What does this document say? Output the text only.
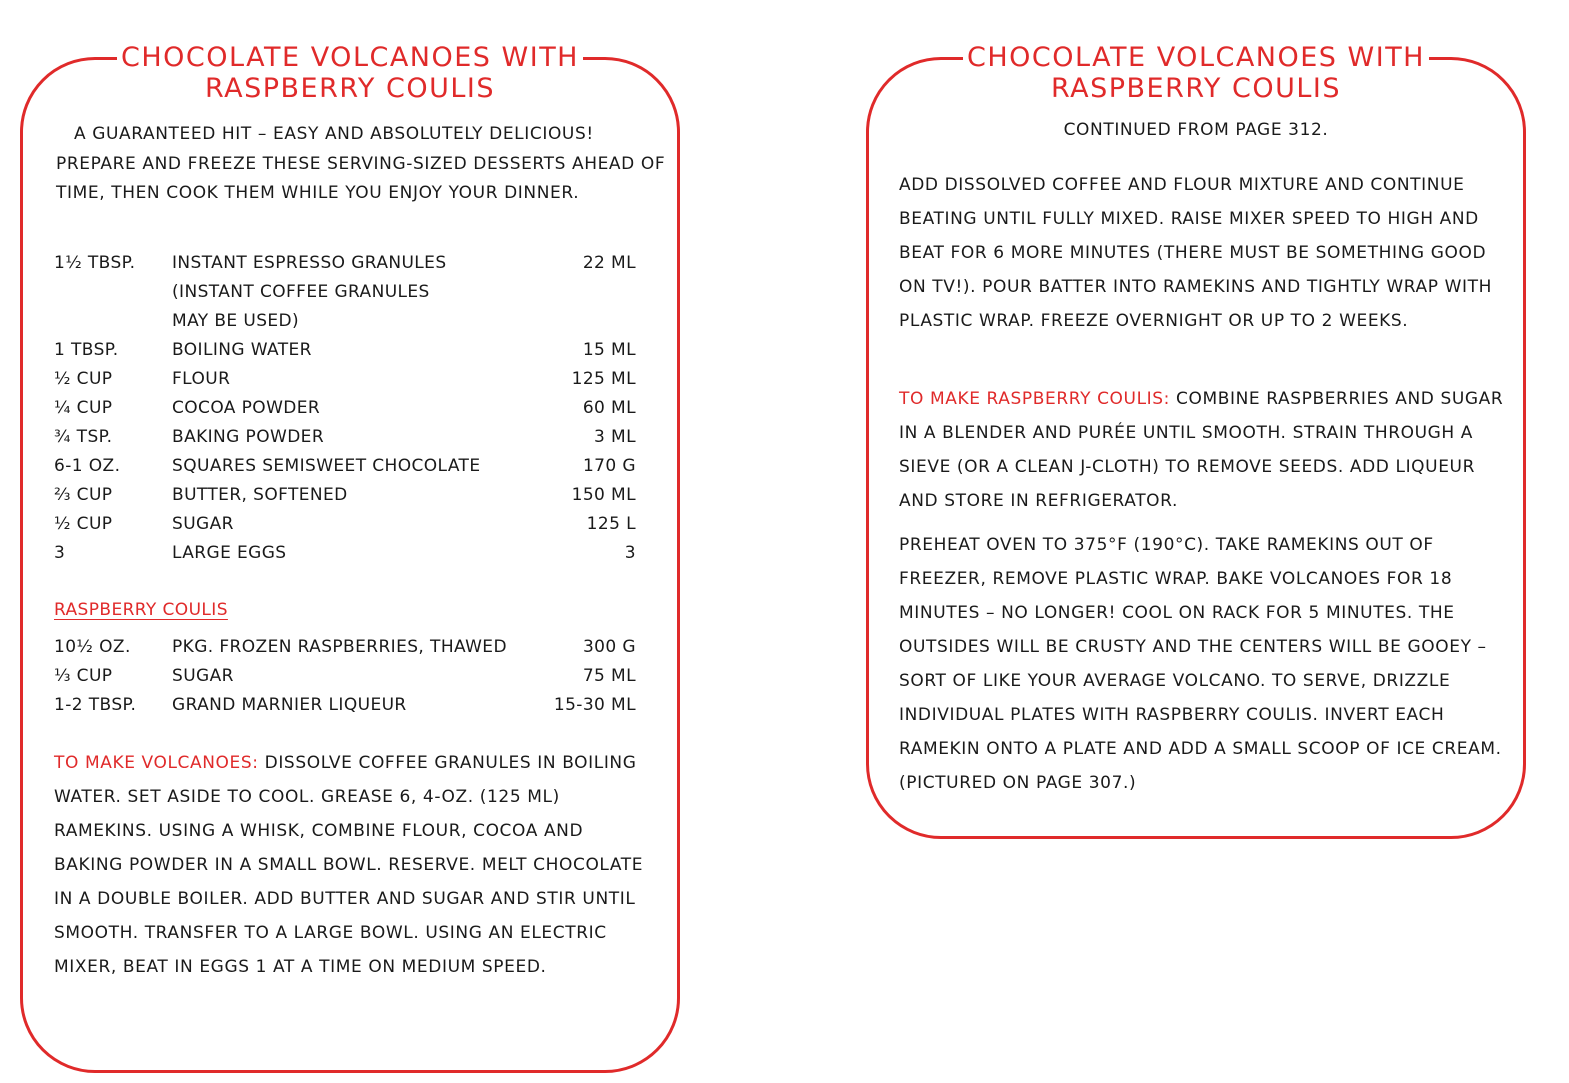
CHOCOLATE VOLCANOES WITH
RASPBERRY COULIS
A GUARANTEED HIT – EASY AND ABSOLUTELY DELICIOUS! PREPARE AND FREEZE THESE SERVING-SIZED DESSERTS AHEAD OF TIME, THEN COOK THEM WHILE YOU ENJOY YOUR DINNER.
1½ TBSP.	INSTANT ESPRESSO GRANULES	22 ML
	(INSTANT COFFEE GRANULES	
	MAY BE USED)	
1 TBSP.	BOILING WATER	15 ML
½ CUP	FLOUR	125 ML
¼ CUP	COCOA POWDER	60 ML
¾ TSP.	BAKING POWDER	3 ML
6-1 OZ.	SQUARES SEMISWEET CHOCOLATE	170 G
⅔ CUP	BUTTER, SOFTENED	150 ML
½ CUP	SUGAR	125 L
3	LARGE EGGS	3
RASPBERRY COULIS
10½ OZ.	PKG. FROZEN RASPBERRIES, THAWED	300 G
⅓ CUP	SUGAR	75 ML
1-2 TBSP.	GRAND MARNIER LIQUEUR	15-30 ML
TO MAKE VOLCANOES: DISSOLVE COFFEE GRANULES IN BOILING WATER. SET ASIDE TO COOL. GREASE 6, 4-OZ. (125 ML) RAMEKINS. USING A WHISK, COMBINE FLOUR, COCOA AND BAKING POWDER IN A SMALL BOWL. RESERVE. MELT CHOCOLATE IN A DOUBLE BOILER. ADD BUTTER AND SUGAR AND STIR UNTIL SMOOTH. TRANSFER TO A LARGE BOWL. USING AN ELECTRIC MIXER, BEAT IN EGGS 1 AT A TIME ON MEDIUM SPEED.
CHOCOLATE VOLCANOES WITH
RASPBERRY COULIS
CONTINUED FROM PAGE 312.
ADD DISSOLVED COFFEE AND FLOUR MIXTURE AND CONTINUE BEATING UNTIL FULLY MIXED. RAISE MIXER SPEED TO HIGH AND BEAT FOR 6 MORE MINUTES (THERE MUST BE SOMETHING GOOD ON TV!). POUR BATTER INTO RAMEKINS AND TIGHTLY WRAP WITH PLASTIC WRAP. FREEZE OVERNIGHT OR UP TO 2 WEEKS.
TO MAKE RASPBERRY COULIS: COMBINE RASPBERRIES AND SUGAR IN A BLENDER AND PURÉE UNTIL SMOOTH. STRAIN THROUGH A SIEVE (OR A CLEAN J-CLOTH) TO REMOVE SEEDS. ADD LIQUEUR AND STORE IN REFRIGERATOR.
PREHEAT OVEN TO 375°F (190°C). TAKE RAMEKINS OUT OF FREEZER, REMOVE PLASTIC WRAP. BAKE VOLCANOES FOR 18 MINUTES – NO LONGER! COOL ON RACK FOR 5 MINUTES. THE OUTSIDES WILL BE CRUSTY AND THE CENTERS WILL BE GOOEY – SORT OF LIKE YOUR AVERAGE VOLCANO. TO SERVE, DRIZZLE INDIVIDUAL PLATES WITH RASPBERRY COULIS. INVERT EACH RAMEKIN ONTO A PLATE AND ADD A SMALL SCOOP OF ICE CREAM. (PICTURED ON PAGE 307.)
